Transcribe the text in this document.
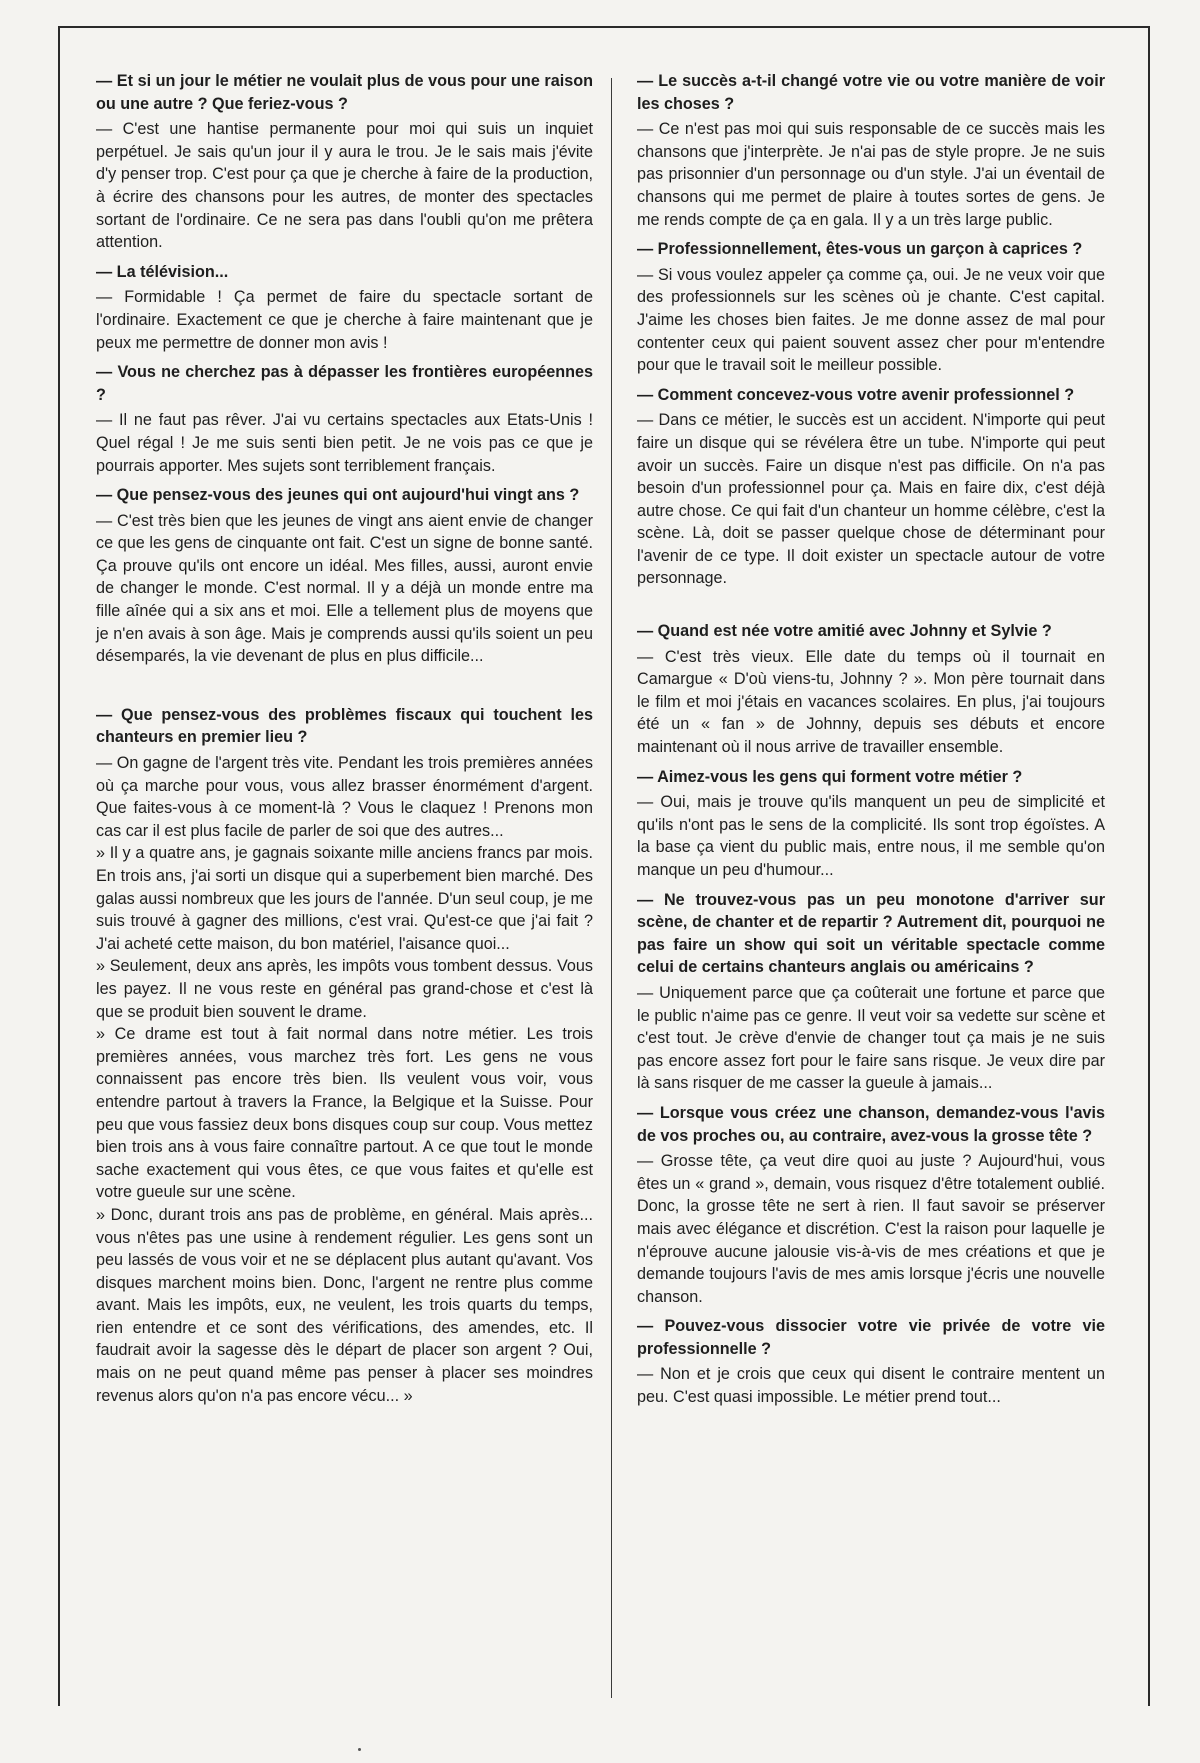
— Et si un jour le métier ne voulait plus de vous pour une raison ou une autre ? Que feriez-vous ?

— C'est une hantise permanente pour moi qui suis un inquiet perpétuel. Je sais qu'un jour il y aura le trou. Je le sais mais j'évite d'y penser trop. C'est pour ça que je cherche à faire de la production, à écrire des chansons pour les autres, de monter des spectacles sortant de l'ordinaire. Ce ne sera pas dans l'oubli qu'on me prêtera attention.

— La télévision...

— Formidable ! Ça permet de faire du spectacle sortant de l'ordinaire. Exactement ce que je cherche à faire maintenant que je peux me permettre de donner mon avis !

— Vous ne cherchez pas à dépasser les frontières européennes ?

— Il ne faut pas rêver. J'ai vu certains spectacles aux Etats-Unis ! Quel régal ! Je me suis senti bien petit. Je ne vois pas ce que je pourrais apporter. Mes sujets sont terriblement français.

— Que pensez-vous des jeunes qui ont aujourd'hui vingt ans ?

— C'est très bien que les jeunes de vingt ans aient envie de changer ce que les gens de cinquante ont fait. C'est un signe de bonne santé. Ça prouve qu'ils ont encore un idéal. Mes filles, aussi, auront envie de changer le monde. C'est normal. Il y a déjà un monde entre ma fille aînée qui a six ans et moi. Elle a tellement plus de moyens que je n'en avais à son âge. Mais je comprends aussi qu'ils soient un peu désemparés, la vie devenant de plus en plus difficile...

— Que pensez-vous des problèmes fiscaux qui touchent les chanteurs en premier lieu ?

— On gagne de l'argent très vite. Pendant les trois premières années où ça marche pour vous, vous allez brasser énormément d'argent. Que faites-vous à ce moment-là ? Vous le claquez ! Prenons mon cas car il est plus facile de parler de soi que des autres...

» Il y a quatre ans, je gagnais soixante mille anciens francs par mois. En trois ans, j'ai sorti un disque qui a superbement bien marché. Des galas aussi nombreux que les jours de l'année. D'un seul coup, je me suis trouvé à gagner des millions, c'est vrai. Qu'est-ce que j'ai fait ? J'ai acheté cette maison, du bon matériel, l'aisance quoi...

» Seulement, deux ans après, les impôts vous tombent dessus. Vous les payez. Il ne vous reste en général pas grand-chose et c'est là que se produit bien souvent le drame.

» Ce drame est tout à fait normal dans notre métier. Les trois premières années, vous marchez très fort. Les gens ne vous connaissent pas encore très bien. Ils veulent vous voir, vous entendre partout à travers la France, la Belgique et la Suisse. Pour peu que vous fassiez deux bons disques coup sur coup. Vous mettez bien trois ans à vous faire connaître partout. A ce que tout le monde sache exactement qui vous êtes, ce que vous faites et qu'elle est votre gueule sur une scène.

» Donc, durant trois ans pas de problème, en général. Mais après... vous n'êtes pas une usine à rendement régulier. Les gens sont un peu lassés de vous voir et ne se déplacent plus autant qu'avant. Vos disques marchent moins bien. Donc, l'argent ne rentre plus comme avant. Mais les impôts, eux, ne veulent, les trois quarts du temps, rien entendre et ce sont des vérifications, des amendes, etc. Il faudrait avoir la sagesse dès le départ de placer son argent ? Oui, mais on ne peut quand même pas penser à placer ses moindres revenus alors qu'on n'a pas encore vécu... »

— Le succès a-t-il changé votre vie ou votre manière de voir les choses ?

— Ce n'est pas moi qui suis responsable de ce succès mais les chansons que j'interprète. Je n'ai pas de style propre. Je ne suis pas prisonnier d'un personnage ou d'un style. J'ai un éventail de chansons qui me permet de plaire à toutes sortes de gens. Je me rends compte de ça en gala. Il y a un très large public.

— Professionnellement, êtes-vous un garçon à caprices ?

— Si vous voulez appeler ça comme ça, oui. Je ne veux voir que des professionnels sur les scènes où je chante. C'est capital. J'aime les choses bien faites. Je me donne assez de mal pour contenter ceux qui paient souvent assez cher pour m'entendre pour que le travail soit le meilleur possible.

— Comment concevez-vous votre avenir professionnel ?

— Dans ce métier, le succès est un accident. N'importe qui peut faire un disque qui se révélera être un tube. N'importe qui peut avoir un succès. Faire un disque n'est pas difficile. On n'a pas besoin d'un professionnel pour ça. Mais en faire dix, c'est déjà autre chose. Ce qui fait d'un chanteur un homme célèbre, c'est la scène. Là, doit se passer quelque chose de déterminant pour l'avenir de ce type. Il doit exister un spectacle autour de votre personnage.

— Quand est née votre amitié avec Johnny et Sylvie ?

— C'est très vieux. Elle date du temps où il tournait en Camargue « D'où viens-tu, Johnny ? ». Mon père tournait dans le film et moi j'étais en vacances scolaires. En plus, j'ai toujours été un « fan » de Johnny, depuis ses débuts et encore maintenant où il nous arrive de travailler ensemble.

— Aimez-vous les gens qui forment votre métier ?

— Oui, mais je trouve qu'ils manquent un peu de simplicité et qu'ils n'ont pas le sens de la complicité. Ils sont trop égoïstes. A la base ça vient du public mais, entre nous, il me semble qu'on manque un peu d'humour...

— Ne trouvez-vous pas un peu monotone d'arriver sur scène, de chanter et de repartir ? Autrement dit, pourquoi ne pas faire un show qui soit un véritable spectacle comme celui de certains chanteurs anglais ou américains ?

— Uniquement parce que ça coûterait une fortune et parce que le public n'aime pas ce genre. Il veut voir sa vedette sur scène et c'est tout. Je crève d'envie de changer tout ça mais je ne suis pas encore assez fort pour le faire sans risque. Je veux dire par là sans risquer de me casser la gueule à jamais...

— Lorsque vous créez une chanson, demandez-vous l'avis de vos proches ou, au contraire, avez-vous la grosse tête ?

— Grosse tête, ça veut dire quoi au juste ? Aujourd'hui, vous êtes un « grand », demain, vous risquez d'être totalement oublié. Donc, la grosse tête ne sert à rien. Il faut savoir se préserver mais avec élégance et discrétion. C'est la raison pour laquelle je n'éprouve aucune jalousie vis-à-vis de mes créations et que je demande toujours l'avis de mes amis lorsque j'écris une nouvelle chanson.

— Pouvez-vous dissocier votre vie privée de votre vie professionnelle ?

— Non et je crois que ceux qui disent le contraire mentent un peu. C'est quasi impossible. Le métier prend tout...
